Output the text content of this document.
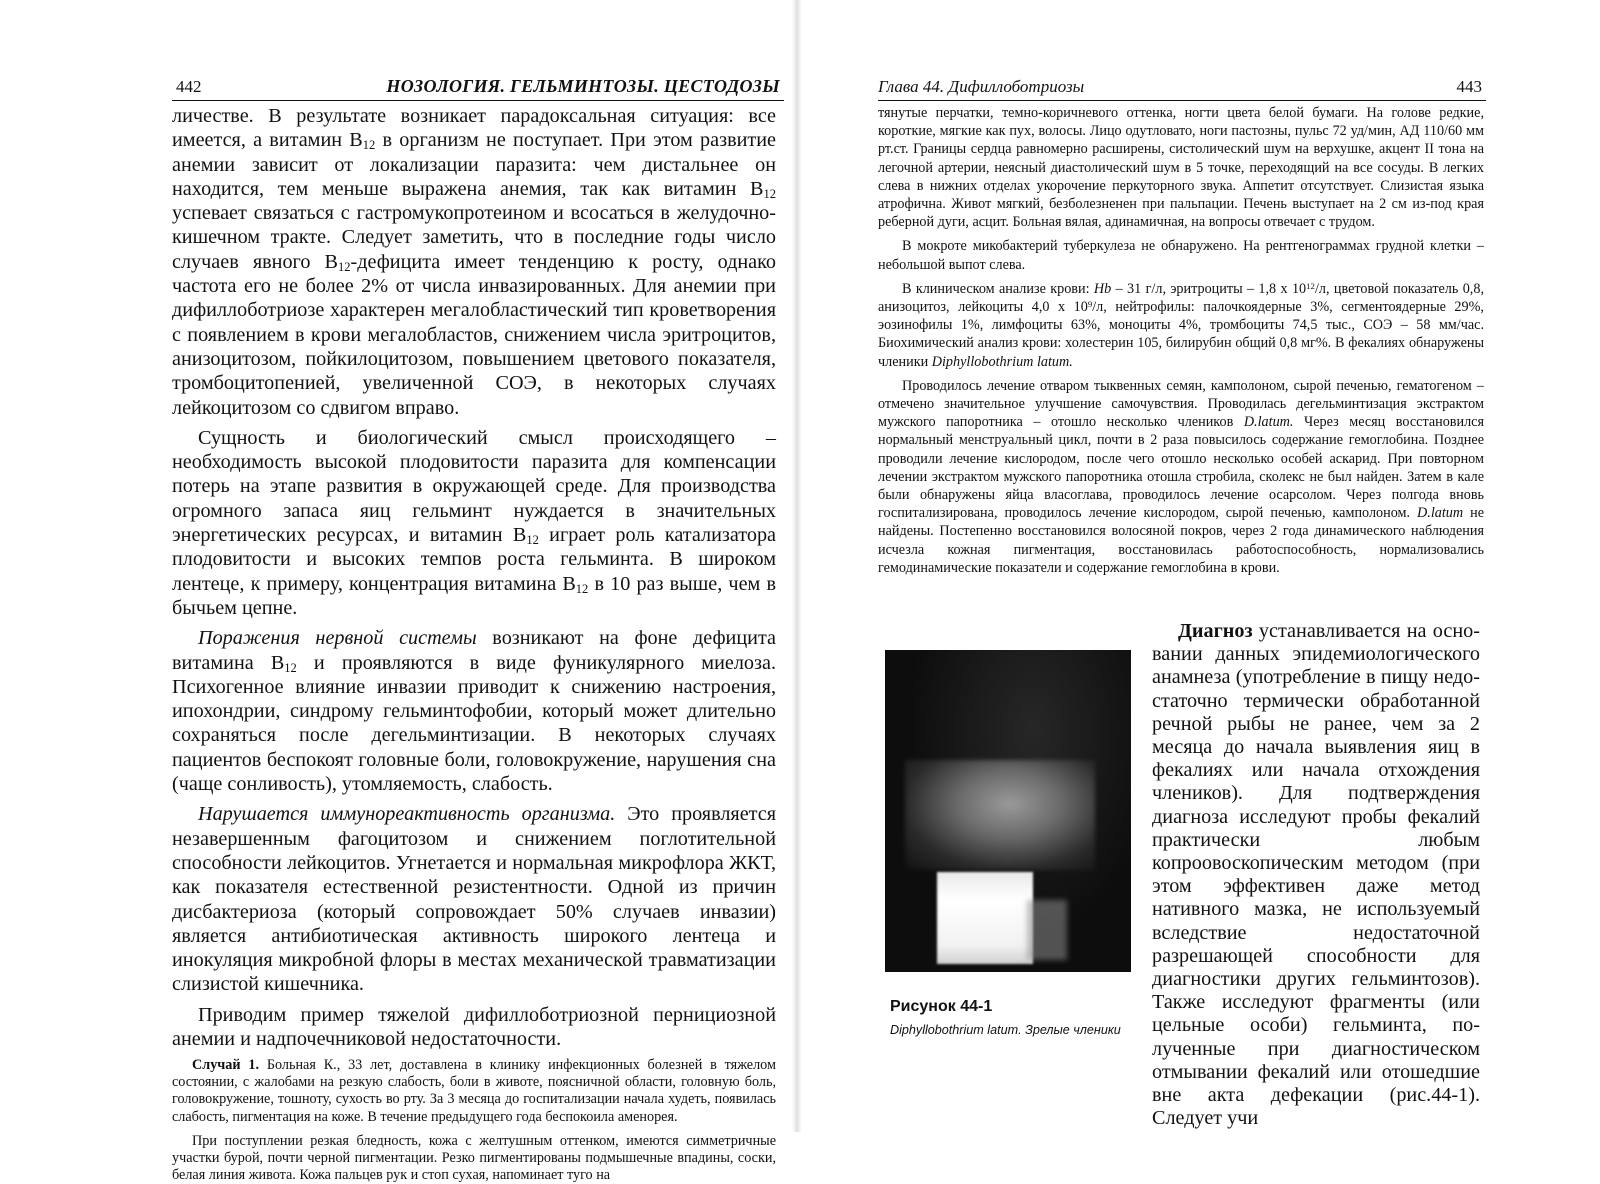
442	НОЗОЛОГИЯ. ГЕЛЬМИНТОЗЫ. ЦЕСТОДОЗЫ

личестве. В результате возникает парадоксальная ситуация: все имеется, а витамин $B_{12}$ в организм не поступает. При этом развитие анемии зависит от локализации паразита: чем дистальнее он находится, тем меньше выражена анемия, так как витамин $B_{12}$ успевает связаться с гастромукопротеином и всосаться в желудочно-кишечном тракте. Следует заметить, что в последние годы число случаев явного $B_{12}$-дефицита имеет тенденцию к росту, однако частота его не более 2% от числа инвазированных. Для анемии при дифиллоботриозе характерен мегалобластический тип кроветворения с появлением в крови мегалобластов, снижением числа эритроцитов, анизоцитозом, пойкилоцитозом, повышением цветового показателя, тромбоцитопенией, увеличенной СОЭ, в некоторых случаях лейкоцитозом со сдвигом вправо.

Сущность и биологический смысл происходящего – необходимость высокой плодовитости паразита для компенсации потерь на этапе развития в окружающей среде. Для производства огромного запаса яиц гельминт нуждается в значительных энергетических ресурсах, и витамин $B_{12}$ играет роль катализатора плодовитости и высоких темпов роста гельминта. В широком лентеце, к примеру, концентрация витамина $B_{12}$ в 10 раз выше, чем в бычьем цепне.

Поражения нервной системы возникают на фоне дефицита витамина $B_{12}$ и проявляются в виде фуникулярного миелоза. Психогенное влияние инвазии приводит к снижению настроения, ипохондрии, синдрому гельминтофобии, который может длительно сохраняться после дегельминтизации. В некоторых случаях пациентов беспокоят головные боли, головокружение, нарушения сна (чаще сонливость), утомляемость, слабость.

Нарушается иммунореактивность организма. Это проявляется незавершенным фагоцитозом и снижением поглотительной способности лейкоцитов. Угнетается и нормальная микрофлора ЖКТ, как показателя естественной резистентности. Одной из причин дисбактериоза (который сопровождает 50% случаев инвазии) является антибиотическая активность широкого лентеца и инокуляция микробной флоры в местах механической травматизации слизистой кишечника.

Приводим пример тяжелой дифиллоботриозной пернициозной анемии и надпочечниковой недостаточности.

Случай 1. Больная К., 33 лет, доставлена в клинику инфекционных болезней в тяжелом состоянии, с жалобами на резкую слабость, боли в животе, поясничной области, головную боль, головокружение, тошноту, сухость во рту. За 3 месяца до госпитализации начала худеть, появилась слабость, пигментация на коже. В течение предыдущего года беспокоила аменорея.

При поступлении резкая бледность, кожа с желтушным оттенком, имеются симметричные участки бурой, почти черной пигментации. Резко пигментированы подмышечные впадины, соски, белая линия живота. Кожа пальцев рук и стоп сухая, напоминает туго на

Глава 44. Дифиллоботриозы	443

тянутые перчатки, темно-коричневого оттенка, ногти цвета белой бумаги. На голове редкие, короткие, мягкие как пух, волосы. Лицо одутловато, ноги пастозны, пульс 72 уд/мин, АД 110/60 мм рт.ст. Границы сердца равномерно расширены, систолический шум на верхушке, акцент II тона на легочной артерии, неясный диастолический шум в 5 точке, переходящий на все сосуды. В легких слева в нижних отделах укорочение перкуторного звука. Аппетит отсутствует. Слизистая языка атрофична. Живот мягкий, безболезненен при пальпации. Печень выступает на 2 см из-под края реберной дуги, асцит. Больная вялая, адинамичная, на вопросы отвечает с трудом.

В мокроте микобактерий туберкулеза не обнаружено. На рентгенограммах грудной клетки – небольшой выпот слева.

В клиническом анализе крови: Hb – 31 г/л, эритроциты – 1,8 х $10^{12}/л$, цветовой показатель 0,8, анизоцитоз, лейкоциты 4,0 х $10^9/л$, нейтрофилы: палочкоядерные 3%, сегментоядерные 29%, эозинофилы 1%, лимфоциты 63%, моноциты 4%, тромбоциты 74,5 тыс., СОЭ – 58 мм/час. Биохимический анализ крови: холестерин 105, билирубин общий 0,8 мг%. В фекалиях обнаружены членики Diphyllobothrium latum.

Проводилось лечение отваром тыквенных семян, камполоном, сырой печенью, гематогеном – отмечено значительное улучшение самочувствия. Проводилась дегельминтизация экстрактом мужского папоротника – отошло несколько члеников D.latum. Через месяц восстановился нормальный менструальный цикл, почти в 2 раза повысилось содержание гемоглобина. Позднее проводили лечение кислородом, после чего отошло несколько особей аскарид. При повторном лечении экстрактом мужского папоротника отошла стробила, сколекс не был найден. Затем в кале были обнаружены яйца власоглава, проводилось лечение осарсолом. Через полгода вновь госпитализирована, проводилось лечение кислородом, сырой печенью, камполоном. D.latum не найдены. Постепенно восстановился волосяной покров, через 2 года динамического наблюдения исчезла кожная пигментация, восстановилась работоспособность, нормализовались гемодинамические показатели и содержание гемоглобина в крови.

Рисунок 44-1
Diphyllobothrium latum. Зрелые членики

Диагноз устанавливается на основании данных эпидемиологического анамнеза (употребление в пищу недостаточно термически обработанной речной рыбы не ранее, чем за 2 месяца до начала выявления яиц в фекалиях или начала отхождения члеников). Для подтверждения диагноза исследуют пробы фекалий практически любым копроовоскопическим методом (при этом эффективен даже метод нативного мазка, не используемый вследствие недостаточной разрешающей способности для диагностики других гельминтозов). Также исследуют фрагменты (или цельные особи) гельминта, полученные при диагностическом отмывании фекалий или отошедшие вне акта дефекации (рис.44-1). Следует учи
